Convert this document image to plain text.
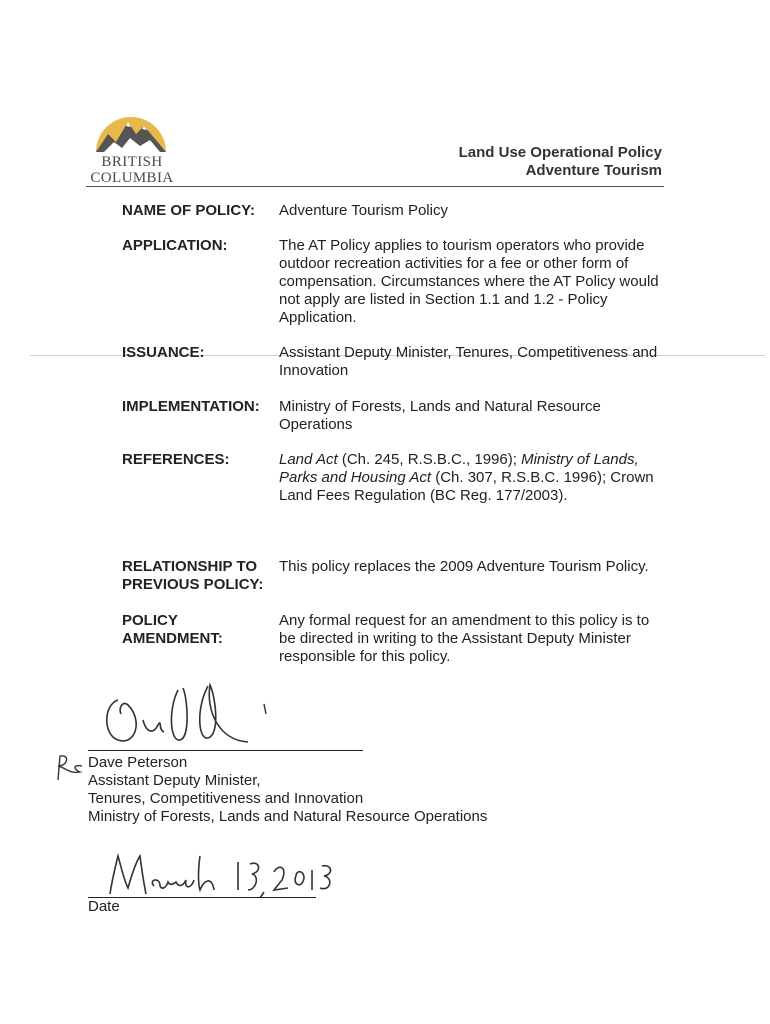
BRITISH
COLUMBIA
Land Use Operational Policy
Adventure Tourism
NAME OF POLICY:	Adventure Tourism Policy
APPLICATION:	The AT Policy applies to tourism operators who provide outdoor recreation activities for a fee or other form of compensation. Circumstances where the AT Policy would not apply are listed in Section 1.1 and 1.2 - Policy Application.
ISSUANCE:	Assistant Deputy Minister, Tenures, Competitiveness and Innovation
IMPLEMENTATION:	Ministry of Forests, Lands and Natural Resource Operations
REFERENCES:	Land Act (Ch. 245, R.S.B.C., 1996); Ministry of Lands, Parks and Housing Act (Ch. 307, R.S.B.C. 1996); Crown Land Fees Regulation (BC Reg. 177/2003).
RELATIONSHIP TO PREVIOUS POLICY:
This policy replaces the 2009 Adventure Tourism Policy.
POLICY AMENDMENT:
Any formal request for an amendment to this policy is to be directed in writing to the Assistant Deputy Minister responsible for this policy.
Dave Peterson
Assistant Deputy Minister,
Tenures, Competitiveness and Innovation
Ministry of Forests, Lands and Natural Resource Operations
Date
